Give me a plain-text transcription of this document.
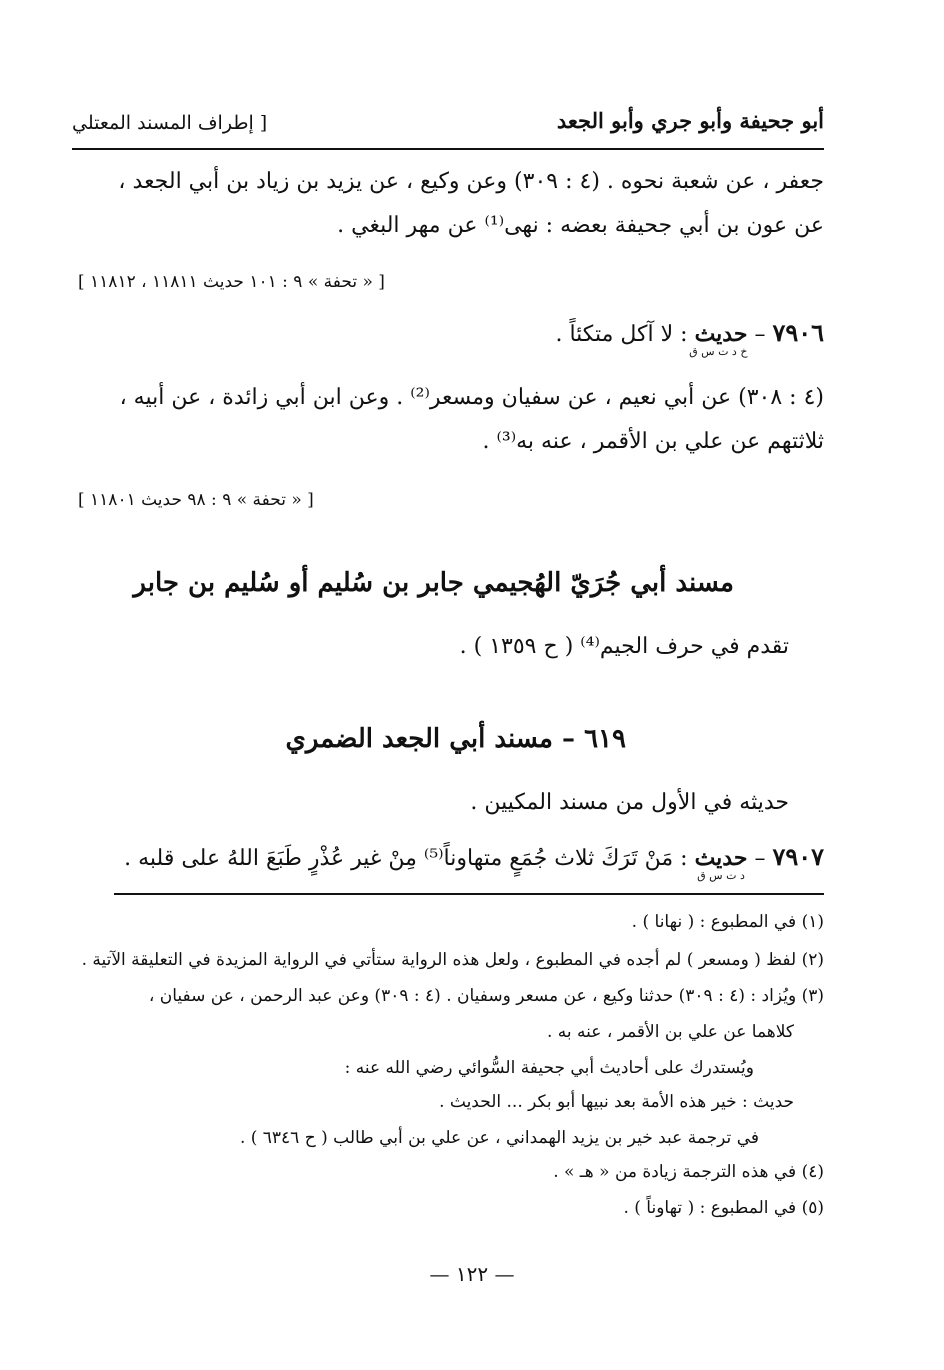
أبو جحيفة وأبو جري وأبو الجعد
[ إطراف المسند المعتلي
جعفر ، عن شعبة نحوه . (٤ : ٣٠٩) وعن وكيع ، عن يزيد بن زياد بن أبي الجعد ،
عن عون بن أبي جحيفة بعضه : نهى⁽¹⁾ عن مهر البغي .
[ « تحفة » ٩ : ١٠١ حديث ١١٨١١ ، ١١٨١٢ ]
٧٩٠٦ – حديث
خ د ت س ق
: لا آكل متكئاً .
(٤ : ٣٠٨) عن أبي نعيم ، عن سفيان ومسعر⁽²⁾ . وعن ابن أبي زائدة ، عن أبيه ،
ثلاثتهم عن علي بن الأقمر ، عنه به⁽³⁾ .
[ « تحفة » ٩ : ٩٨ حديث ١١٨٠١ ]
مسند أبي جُرَيّ الهُجيمي جابر بن سُليم أو سُليم بن جابر
تقدم في حرف الجيم⁽⁴⁾ ( ح ١٣٥٩ ) .
٦١٩ – مسند أبي الجعد الضمري
حديثه في الأول من مسند المكيين .
٧٩٠٧ – حديث
د ت س ق
: مَنْ تَرَكَ ثلاث جُمَعٍ متهاوناً⁽⁵⁾ مِنْ غير عُذْرٍ طَبَعَ اللهُ على قلبه .
(١) في المطبوع : ( نهانا ) .
(٢) لفظ ( ومسعر ) لم أجده في المطبوع ، ولعل هذه الرواية ستأتي في الرواية المزيدة في التعليقة الآتية .
(٣) ويُزاد : (٤ : ٣٠٩) حدثنا وكيع ، عن مسعر وسفيان . (٤ : ٣٠٩) وعن عبد الرحمن ، عن سفيان ،
كلاهما عن علي بن الأقمر ، عنه به .
ويُستدرك على أحاديث أبي جحيفة السُّوائي رضي الله عنه :
حديث : خير هذه الأمة بعد نبيها أبو بكر ... الحديث .
في ترجمة عبد خير بن يزيد الهمداني ، عن علي بن أبي طالب ( ح ٦٣٤٦ ) .
(٤) في هذه الترجمة زيادة من « هـ » .
(٥) في المطبوع : ( تهاوناً ) .
— ١٢٢ —
